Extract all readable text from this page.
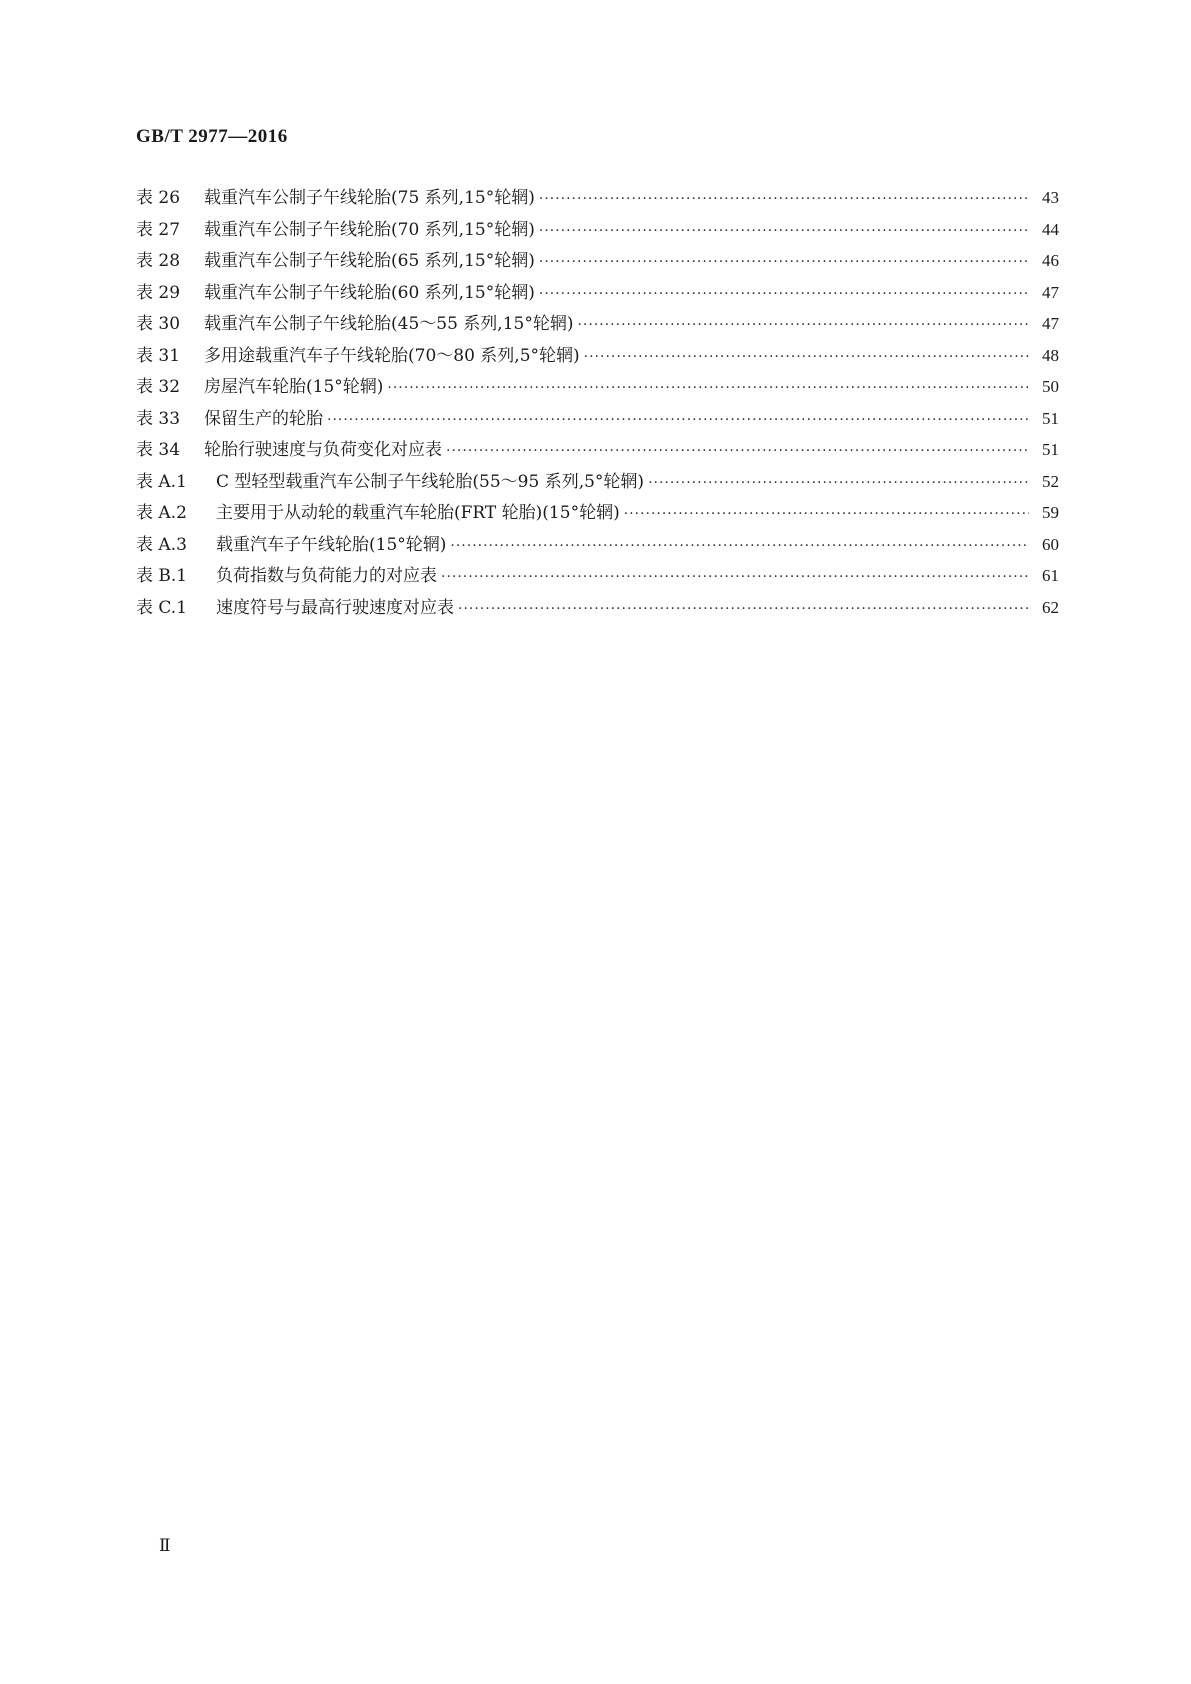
GB/T 2977—2016
表 26	载重汽车公制子午线轮胎(75 系列,15°轮辋) ·····	43
表 27	载重汽车公制子午线轮胎(70 系列,15°轮辋) ·····	44
表 28	载重汽车公制子午线轮胎(65 系列,15°轮辋) ·····	46
表 29	载重汽车公制子午线轮胎(60 系列,15°轮辋) ·····	47
表 30	载重汽车公制子午线轮胎(45～55 系列,15°轮辋) ·····	47
表 31	多用途载重汽车子午线轮胎(70～80 系列,5°轮辋) ·····	48
表 32	房屋汽车轮胎(15°轮辋) ·····	50
表 33	保留生产的轮胎 ·····	51
表 34	轮胎行驶速度与负荷变化对应表 ·····	51
表 A.1	C 型轻型载重汽车公制子午线轮胎(55～95 系列,5°轮辋) ·····	52
表 A.2	主要用于从动轮的载重汽车轮胎(FRT 轮胎)(15°轮辋) ·····	59
表 A.3	载重汽车子午线轮胎(15°轮辋) ·····	60
表 B.1	负荷指数与负荷能力的对应表 ·····	61
表 C.1	速度符号与最高行驶速度对应表 ·····	62
Ⅱ
